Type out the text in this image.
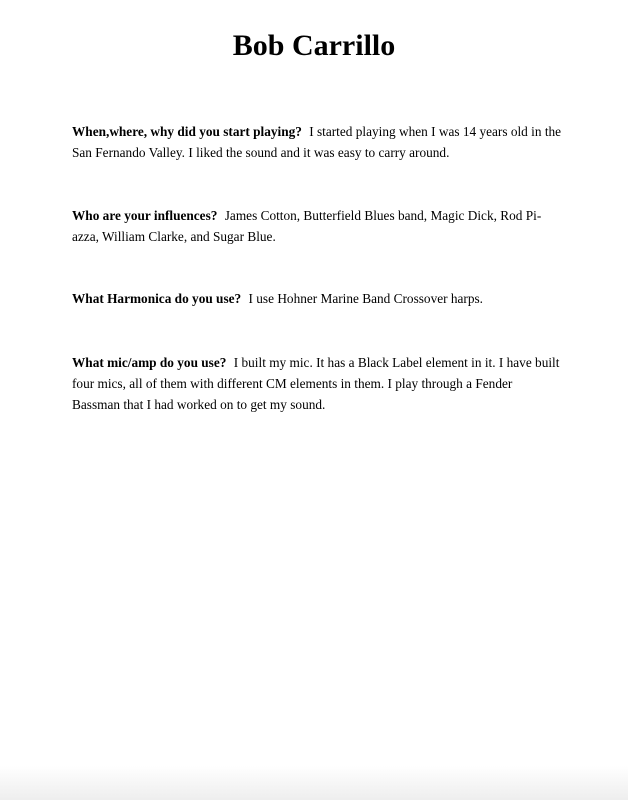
Bob Carrillo

When,where, why did you start playing? I started playing when I was 14 years old in the San Fernando Valley. I liked the sound and it was easy to carry around.

Who are your influences? James Cotton, Butterfield Blues band, Magic Dick, Rod Piazza, William Clarke, and Sugar Blue.

What Harmonica do you use? I use Hohner Marine Band Crossover harps.

What mic/amp do you use? I built my mic. It has a Black Label element in it. I have built four mics, all of them with different CM elements in them. I play through a Fender Bassman that I had worked on to get my sound.
